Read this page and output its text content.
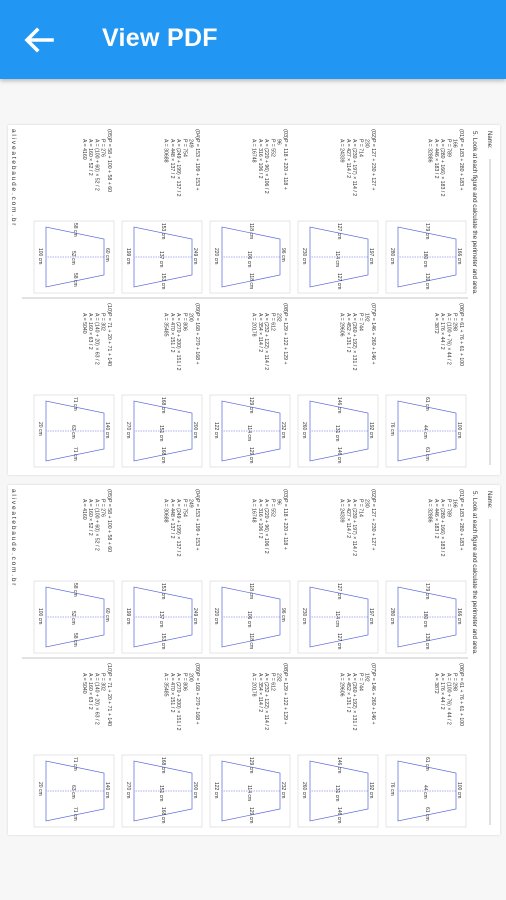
View PDF
Name:
5. Look at each figure and calculate the perimeter and area.
a l i v e a t e b a u d e . c o m . b r	(01)
P = 183 + 280 + 183 +
166
P = 789
A = (280 + 166) × 183 / 2
A = 446 × 183 / 2
A = 32886
166 cm
179 cm
180 cm
139 cm
280 cm
(02)
P = 127 + 230 + 127 +
230
P = 714
A = (230 + 197) × 114 / 2
A = 427 × 114 / 2
A = 24339
197 cm
127 cm
114 cm
127 cm
230 cm
(03)
P = 118 + 220 + 118 +
96
P = 552
A = (220 + 96) × 106 / 2
A = 316 × 106 / 2
A = 16748
96 cm
118 cm
106 cm
118 cm
220 cm
(04)
P = 153 + 199 + 153 +
249
P = 754
A = (249 + 199) × 137 / 2
A = 448 × 137 / 2
A = 30688
249 cm
153 cm
137 cm
153 cm
199 cm
(05)
P = 58 + 100 + 58 + 60
P = 276
A = (100 + 60) × 52 / 2
A = 160 × 52 / 2
A = 4160
60 cm
58 cm
52 cm
58 cm
100 cm
(06)
P = 61 + 76 + 61 + 100
P = 298
A = (100 + 76) × 44 / 2
A = 176 × 44 / 2
A = 3872
100 cm
61 cm
44 cm
61 cm
76 cm
(07)
P = 146 + 260 + 146 +
192
P = 744
A = (260 + 192) × 131 / 2
A = 452 × 131 / 2
A = 29606
192 cm
146 cm
131 cm
146 cm
260 cm
(08)
P = 129 + 122 + 129 +
232
P = 612
A = (232 + 122) × 114 / 2
A = 354 × 114 / 2
A = 20178
232 cm
129 cm
114 cm
129 cm
122 cm
(09)
P = 168 + 270 + 168 +
200
P = 806
A = (270 + 200) × 151 / 2
A = 470 × 151 / 2
A = 35485
200 cm
168 cm
151 cm
168 cm
270 cm
(10)
P = 71 + 20 + 71 + 140
P = 302
A = (140 + 20) × 63 / 2
A = 160 × 63 / 2
A = 5040
140 cm
71 cm
63 cm
71 cm
20 cm
Name:
5. Look at each figure and calculate the perimeter and area.
a l i v e a t e b a u d e . c o m . b r	(01)
P = 183 + 280 + 183 +
166
P = 789
A = (280 + 166) × 183 / 2
A = 446 × 183 / 2
A = 32886
166 cm
179 cm
180 cm
139 cm
280 cm
(02)
P = 127 + 230 + 127 +
230
P = 714
A = (230 + 197) × 114 / 2
A = 427 × 114 / 2
A = 24339
197 cm
127 cm
114 cm
127 cm
230 cm
(03)
P = 118 + 220 + 118 +
96
P = 552
A = (220 + 96) × 106 / 2
A = 316 × 106 / 2
A = 16748
96 cm
118 cm
106 cm
118 cm
220 cm
(04)
P = 153 + 199 + 153 +
249
P = 754
A = (249 + 199) × 137 / 2
A = 448 × 137 / 2
A = 30688
249 cm
153 cm
137 cm
153 cm
199 cm
(05)
P = 58 + 100 + 58 + 60
P = 276
A = (100 + 60) × 52 / 2
A = 160 × 52 / 2
A = 4160
60 cm
58 cm
52 cm
58 cm
100 cm
(06)
P = 61 + 76 + 61 + 100
P = 298
A = (100 + 76) × 44 / 2
A = 176 × 44 / 2
A = 3872
100 cm
61 cm
44 cm
61 cm
76 cm
(07)
P = 146 + 260 + 146 +
192
P = 744
A = (260 + 192) × 131 / 2
A = 452 × 131 / 2
A = 29606
192 cm
146 cm
131 cm
146 cm
260 cm
(08)
P = 129 + 122 + 129 +
232
P = 612
A = (232 + 122) × 114 / 2
A = 354 × 114 / 2
A = 20178
232 cm
129 cm
114 cm
129 cm
122 cm
(09)
P = 168 + 270 + 168 +
200
P = 806
A = (270 + 200) × 151 / 2
A = 470 × 151 / 2
A = 35485
200 cm
168 cm
151 cm
168 cm
270 cm
(10)
P = 71 + 20 + 71 + 140
P = 302
A = (140 + 20) × 63 / 2
A = 160 × 63 / 2
A = 5040
140 cm
71 cm
63 cm
71 cm
20 cm
